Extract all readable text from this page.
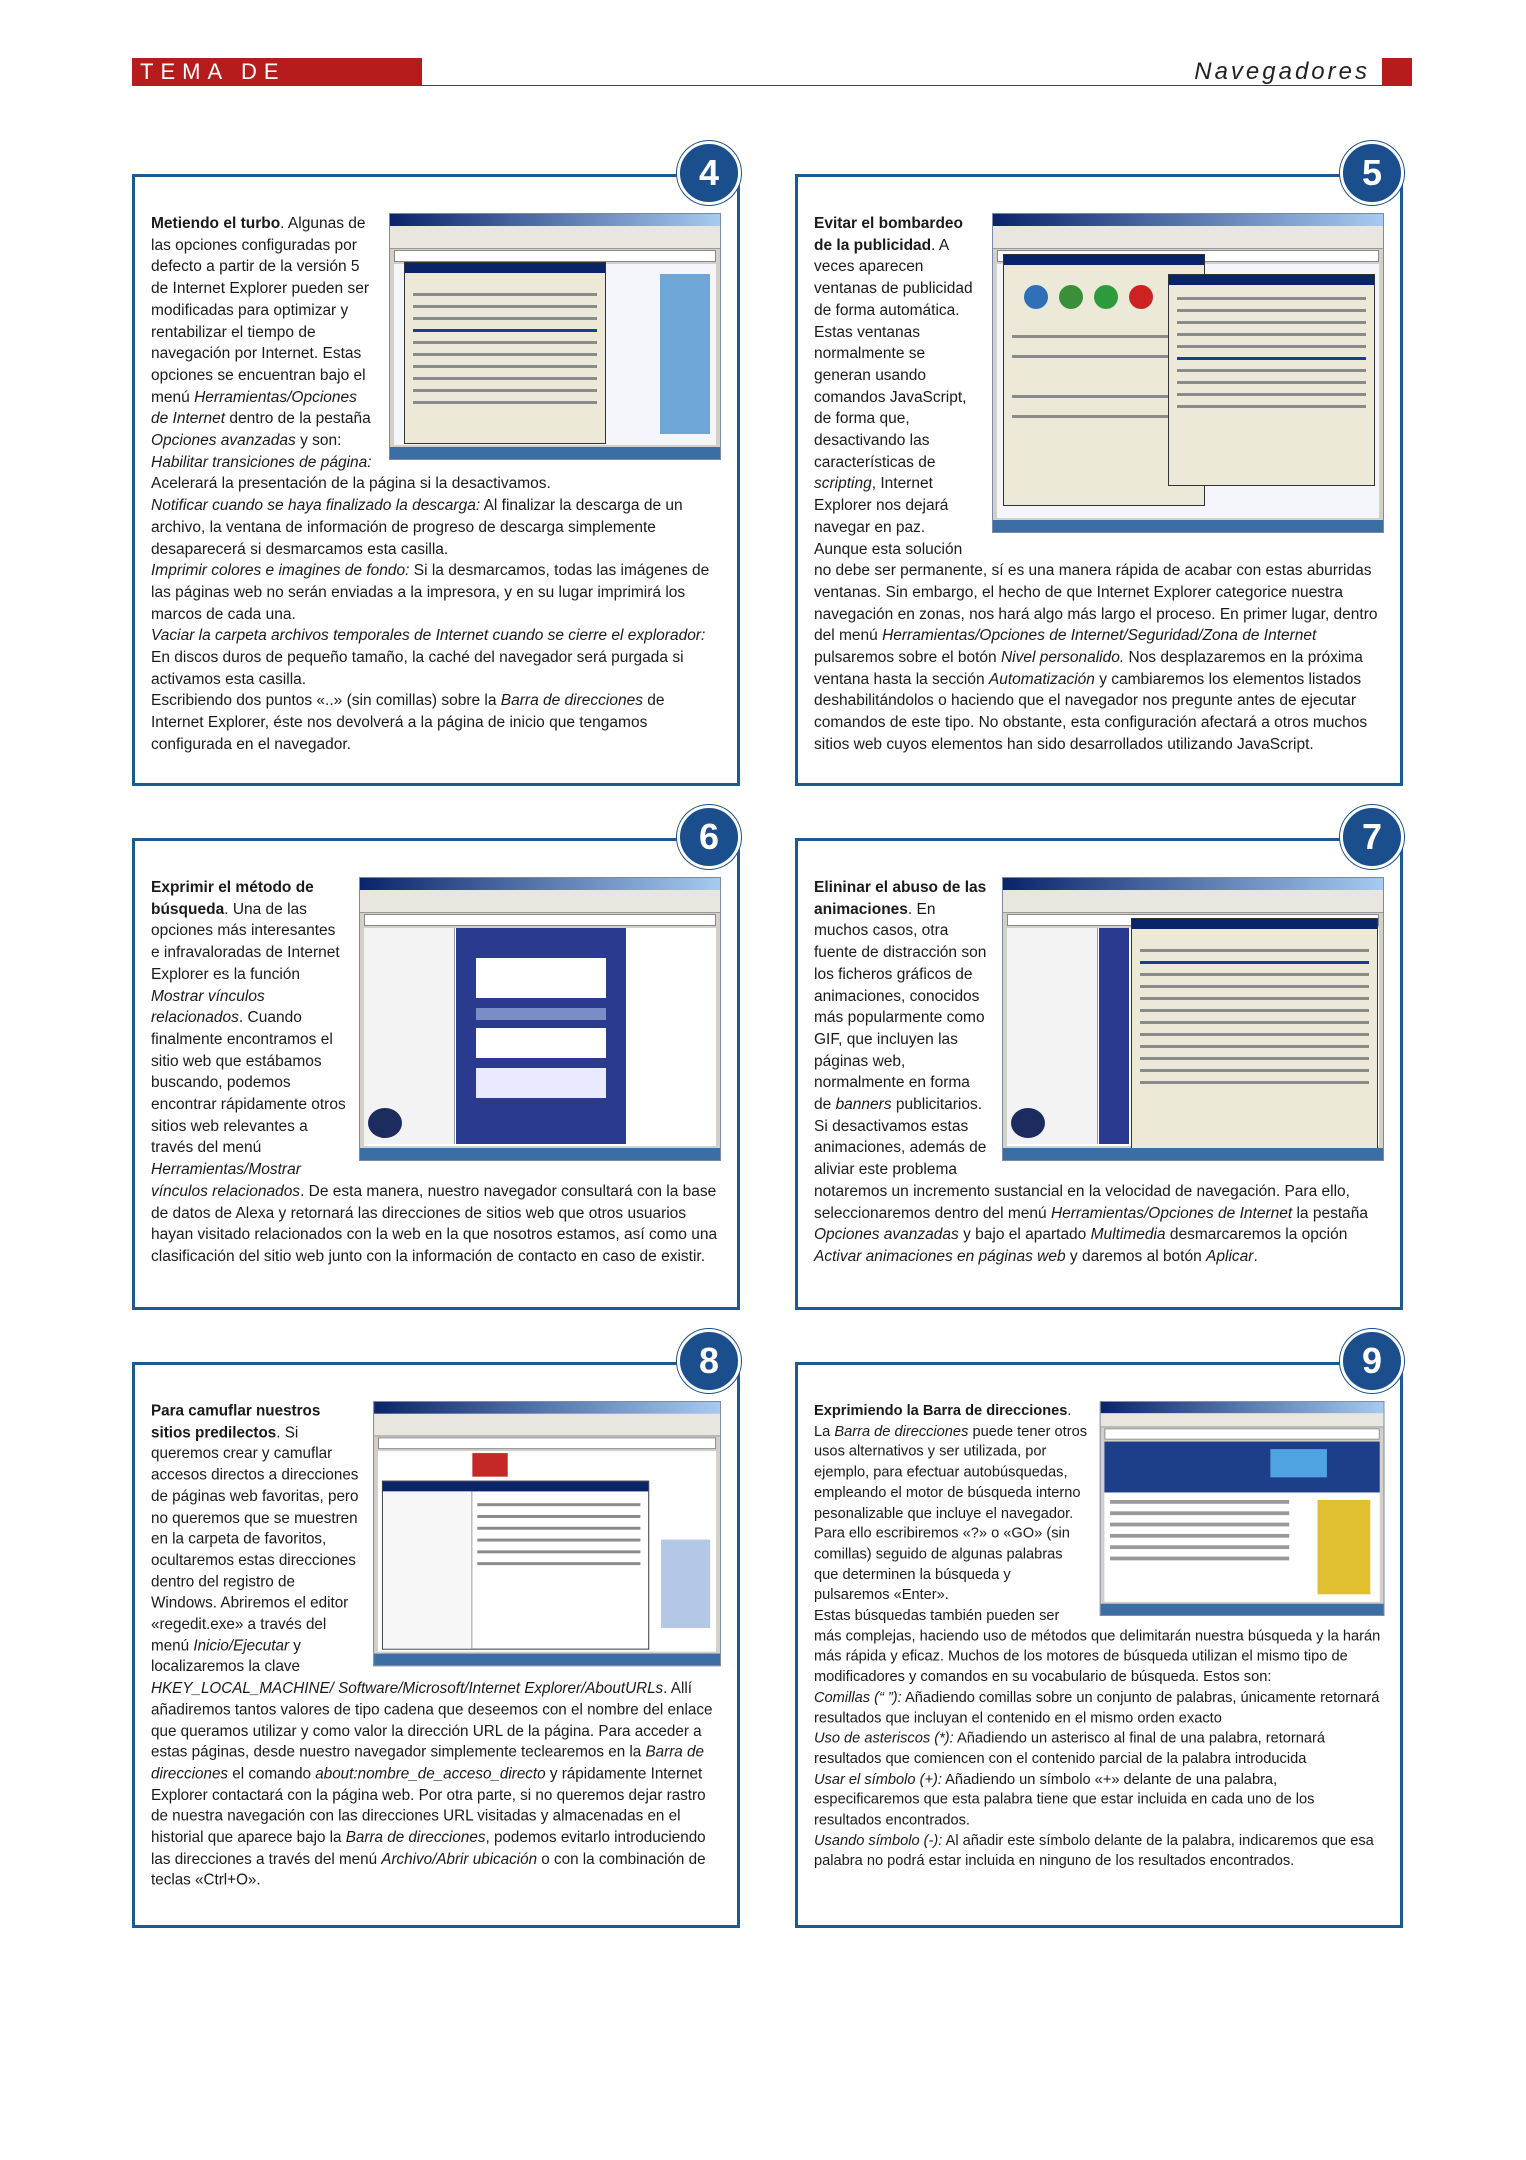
TEMA DE PORTADA
Navegadores
4
Metiendo el turbo. Algunas de las opciones configuradas por defecto a partir de la versión 5 de Internet Explorer pueden ser modificadas para optimizar y rentabilizar el tiempo de navegación por Internet. Estas opciones se encuentran bajo el menú Herramientas/Opciones de Internet dentro de la pestaña Opciones avanzadas y son:
Habilitar transiciones de página: Acelerará la presentación de la página si la desactivamos.
Notificar cuando se haya finalizado la descarga: Al finalizar la descarga de un archivo, la ventana de información de progreso de descarga simplemente desaparecerá si desmarcamos esta casilla.
Imprimir colores e imagines de fondo: Si la desmarcamos, todas las imágenes de las páginas web no serán enviadas a la impresora, y en su lugar imprimirá los marcos de cada una.
Vaciar la carpeta archivos temporales de Internet cuando se cierre el explorador: En discos duros de pequeño tamaño, la caché del navegador será purgada si activamos esta casilla.
Escribiendo dos puntos «..» (sin comillas) sobre la Barra de direcciones de Internet Explorer, éste nos devolverá a la página de inicio que tengamos configurada en el navegador.
5
Evitar el bombardeo de la publicidad. A veces aparecen ventanas de publicidad de forma automática. Estas ventanas normalmente se generan usando comandos JavaScript, de forma que, desactivando las características de scripting, Internet Explorer nos dejará navegar en paz. Aunque esta solución no debe ser permanente, sí es una manera rápida de acabar con estas aburridas ventanas. Sin embargo, el hecho de que Internet Explorer categorice nuestra navegación en zonas, nos hará algo más largo el proceso. En primer lugar, dentro del menú Herramientas/Opciones de Internet/Seguridad/Zona de Internet pulsaremos sobre el botón Nivel personalido. Nos desplazaremos en la próxima ventana hasta la sección Automatización y cambiaremos los elementos listados deshabilitándolos o haciendo que el navegador nos pregunte antes de ejecutar comandos de este tipo. No obstante, esta configuración afectará a otros muchos sitios web cuyos elementos han sido desarrollados utilizando JavaScript.
6
Exprimir el método de búsqueda. Una de las opciones más interesantes e infravaloradas de Internet Explorer es la función Mostrar vínculos relacionados. Cuando finalmente encontramos el sitio web que estábamos buscando, podemos encontrar rápidamente otros sitios web relevantes a través del menú Herramientas/Mostrar vínculos relacionados. De esta manera, nuestro navegador consultará con la base de datos de Alexa y retornará las direcciones de sitios web que otros usuarios hayan visitado relacionados con la web en la que nosotros estamos, así como una clasificación del sitio web junto con la información de contacto en caso de existir.
7
Elininar el abuso de las animaciones. En muchos casos, otra fuente de distracción son los ficheros gráficos de animaciones, conocidos más popularmente como GIF, que incluyen las páginas web, normalmente en forma de banners publicitarios. Si desactivamos estas animaciones, además de aliviar este problema notaremos un incremento sustancial en la velocidad de navegación. Para ello, seleccionaremos dentro del menú Herramientas/Opciones de Internet la pestaña Opciones avanzadas y bajo el apartado Multimedia desmarcaremos la opción Activar animaciones en páginas web y daremos al botón Aplicar.
8
Para camuflar nuestros sitios predilectos. Si queremos crear y camuflar accesos directos a direcciones de páginas web favoritas, pero no queremos que se muestren en la carpeta de favoritos, ocultaremos estas direcciones dentro del registro de Windows. Abriremos el editor «regedit.exe» a través del menú Inicio/Ejecutar y localizaremos la clave HKEY_LOCAL_MACHINE/ Software/Microsoft/Internet Explorer/AboutURLs. Allí añadiremos tantos valores de tipo cadena que deseemos con el nombre del enlace que queramos utilizar y como valor la dirección URL de la página. Para acceder a estas páginas, desde nuestro navegador simplemente teclearemos en la Barra de direcciones el comando about:nombre_de_acceso_directo y rápidamente Internet Explorer contactará con la página web. Por otra parte, si no queremos dejar rastro de nuestra navegación con las direcciones URL visitadas y almacenadas en el historial que aparece bajo la Barra de direcciones, podemos evitarlo introduciendo las direcciones a través del menú Archivo/Abrir ubicación o con la combinación de teclas «Ctrl+O».
9
Exprimiendo la Barra de direcciones. La Barra de direcciones puede tener otros usos alternativos y ser utilizada, por ejemplo, para efectuar autobúsquedas, empleando el motor de búsqueda interno pesonalizable que incluye el navegador. Para ello escribiremos «?» o «GO» (sin comillas) seguido de algunas palabras que determinen la búsqueda y pulsaremos «Enter».
Estas búsquedas también pueden ser más complejas, haciendo uso de métodos que delimitarán nuestra búsqueda y la harán más rápida y eficaz. Muchos de los motores de búsqueda utilizan el mismo tipo de modificadores y comandos en su vocabulario de búsqueda. Estos son:
Comillas (“ ”): Añadiendo comillas sobre un conjunto de palabras, únicamente retornará resultados que incluyan el contenido en el mismo orden exacto
Uso de asteriscos (*): Añadiendo un asterisco al final de una palabra, retornará resultados que comiencen con el contenido parcial de la palabra introducida
Usar el símbolo (+): Añadiendo un símbolo «+» delante de una palabra, especificaremos que esta palabra tiene que estar incluida en cada uno de los resultados encontrados.
Usando símbolo (-): Al añadir este símbolo delante de la palabra, indicaremos que esa palabra no podrá estar incluida en ninguno de los resultados encontrados.
